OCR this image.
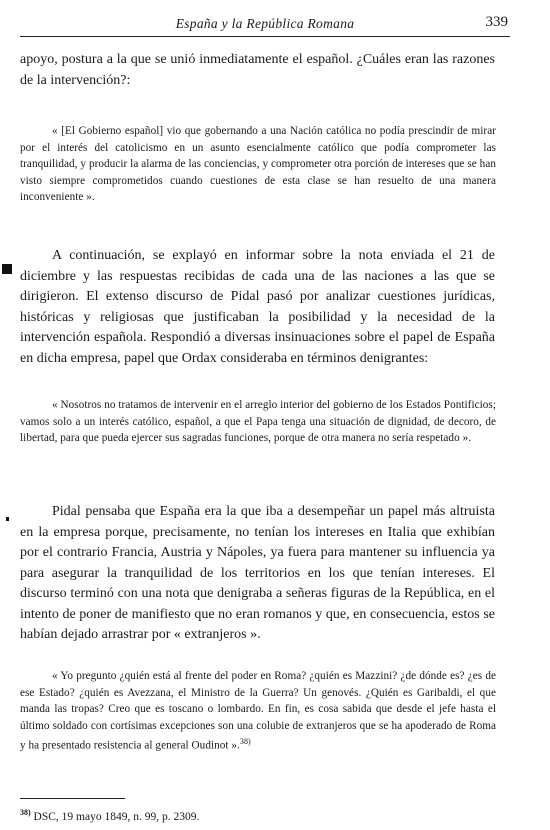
España y la República Romana	339

apoyo, postura a la que se unió inmediatamente el español. ¿Cuáles eran las razones de la intervención?:

« [El Gobierno español] vio que gobernando a una Nación católica no podía prescindir de mirar por el interés del catolicismo en un asunto esencialmente católico que podía comprometer las tranquilidad, y producir la alarma de las conciencias, y comprometer otra porción de intereses que se han visto siempre comprometidos cuando cuestiones de esta clase se han resuelto de una manera inconveniente ».

A continuación, se explayó en informar sobre la nota enviada el 21 de diciembre y las respuestas recibidas de cada una de las naciones a las que se dirigieron. El extenso discurso de Pidal pasó por analizar cuestiones jurídicas, históricas y religiosas que justificaban la posibilidad y la necesidad de la intervención española. Respondió a diversas insinuaciones sobre el papel de España en dicha empresa, papel que Ordax consideraba en términos denigrantes:

« Nosotros no tratamos de intervenir en el arreglo interior del gobierno de los Estados Pontificios; vamos solo a un interés católico, español, a que el Papa tenga una situación de dignidad, de decoro, de libertad, para que pueda ejercer sus sagradas funciones, porque de otra manera no sería respetado ».

Pidal pensaba que España era la que iba a desempeñar un papel más altruista en la empresa porque, precisamente, no tenían los intereses en Italia que exhibían por el contrario Francia, Austria y Nápoles, ya fuera para mantener su influencia ya para asegurar la tranquilidad de los territorios en los que tenían intereses. El discurso terminó con una nota que denigraba a señeras figuras de la República, en el intento de poner de manifiesto que no eran romanos y que, en consecuencia, estos se habían dejado arrastrar por « extranjeros ».

« Yo pregunto ¿quién está al frente del poder en Roma? ¿quién es Mazzini? ¿de dónde es? ¿es de ese Estado? ¿quién es Avezzana, el Ministro de la Guerra? Un genovés. ¿Quién es Garibaldi, el que manda las tropas? Creo que es toscano o lombardo. En fin, es cosa sabida que desde el jefe hasta el último soldado con cortísimas excepciones son una colubie de extranjeros que se ha apoderado de Roma y ha presentado resistencia al general Oudinot ».$^{38)}$

$^{38)}$ DSC, 19 mayo 1849, n. 99, p. 2309.
